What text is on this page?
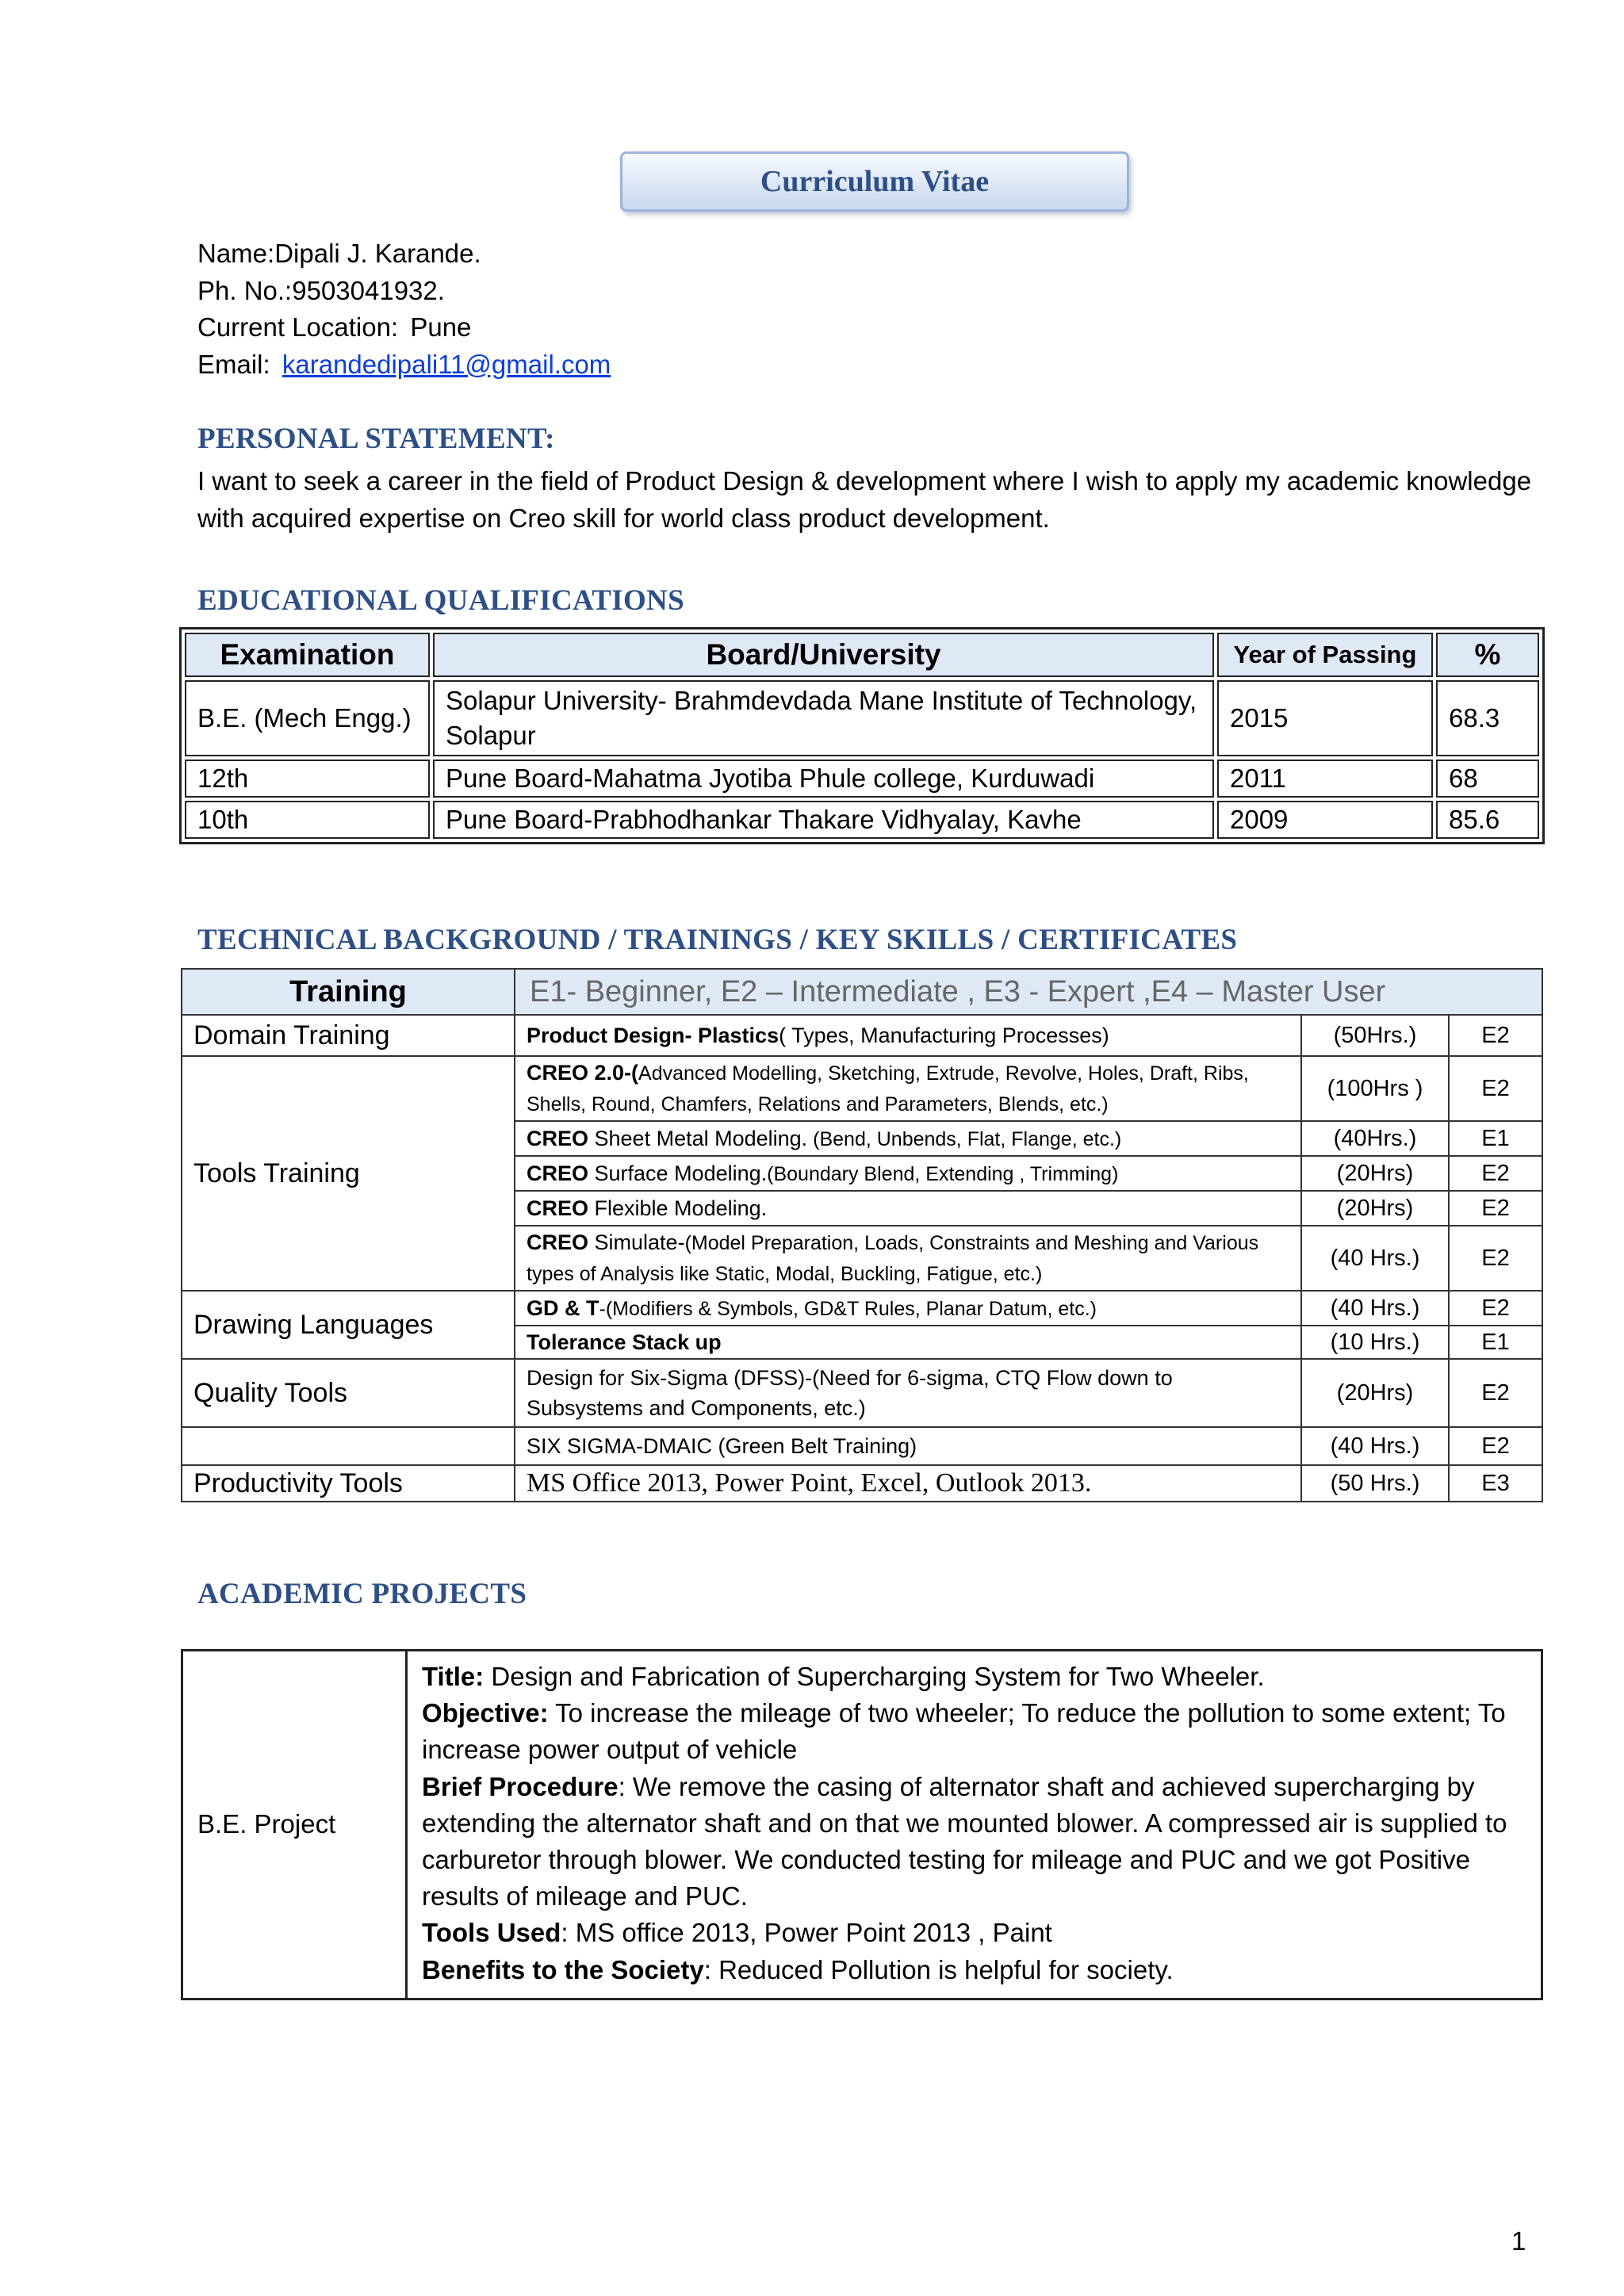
Curriculum Vitae
Name:Dipali J. Karande.
Ph. No.:9503041932.
Current Location: Pune
Email: karandedipali11@gmail.com
PERSONAL STATEMENT:
I want to seek a career in the field of Product Design & development where I wish to apply my academic knowledge with acquired expertise on Creo skill for world class product development.
EDUCATIONAL QUALIFICATIONS
Examination	Board/University	Year of Passing	%
B.E. (Mech Engg.)	Solapur University- Brahmdevdada Mane Institute of Technology, Solapur	2015	68.3
12th	Pune Board-Mahatma Jyotiba Phule college, Kurduwadi	2011	68
10th	Pune Board-Prabhodhankar Thakare Vidhyalay, Kavhe	2009	85.6
TECHNICAL BACKGROUND / TRAININGS / KEY SKILLS / CERTIFICATES
Training	E1- Beginner, E2 – Intermediate , E3 - Expert ,E4 – Master User		
Domain Training	Product Design- Plastics( Types, Manufacturing Processes)	(50Hrs.)	E2
Tools Training	CREO 2.0-(Advanced Modelling, Sketching, Extrude, Revolve, Holes, Draft, Ribs, Shells, Round, Chamfers, Relations and Parameters, Blends, etc.)	(100Hrs )	E2
	CREO Sheet Metal Modeling. (Bend, Unbends, Flat, Flange, etc.)	(40Hrs.)	E1
	CREO Surface Modeling.(Boundary Blend, Extending , Trimming)	(20Hrs)	E2
	CREO Flexible Modeling.	(20Hrs)	E2
	CREO Simulate-(Model Preparation, Loads, Constraints and Meshing and Various types of Analysis like Static, Modal, Buckling, Fatigue, etc.)	(40 Hrs.)	E2
Drawing Languages	GD & T-(Modifiers & Symbols, GD&T Rules, Planar Datum, etc.)	(40 Hrs.)	E2
	Tolerance Stack up	(10 Hrs.)	E1
Quality Tools	Design for Six-Sigma (DFSS)-(Need for 6-sigma, CTQ Flow down to Subsystems and Components, etc.)	(20Hrs)	E2
	SIX SIGMA-DMAIC (Green Belt Training)	(40 Hrs.)	E2
Productivity Tools	MS Office 2013, Power Point, Excel, Outlook 2013.	(50 Hrs.)	E3
ACADEMIC PROJECTS
B.E. Project	

Title: Design and Fabrication of Supercharging System for Two Wheeler.

Objective: To increase the mileage of two wheeler; To reduce the pollution to some extent; To increase power output of vehicle

Brief Procedure: We remove the casing of alternator shaft and achieved supercharging by extending the alternator shaft and on that we mounted blower. A compressed air is supplied to carburetor through blower. We conducted testing for mileage and PUC and we got Positive results of mileage and PUC.

Tools Used: MS office 2013, Power Point 2013 , Paint

Benefits to the Society: Reduced Pollution is helpful for society.

1
